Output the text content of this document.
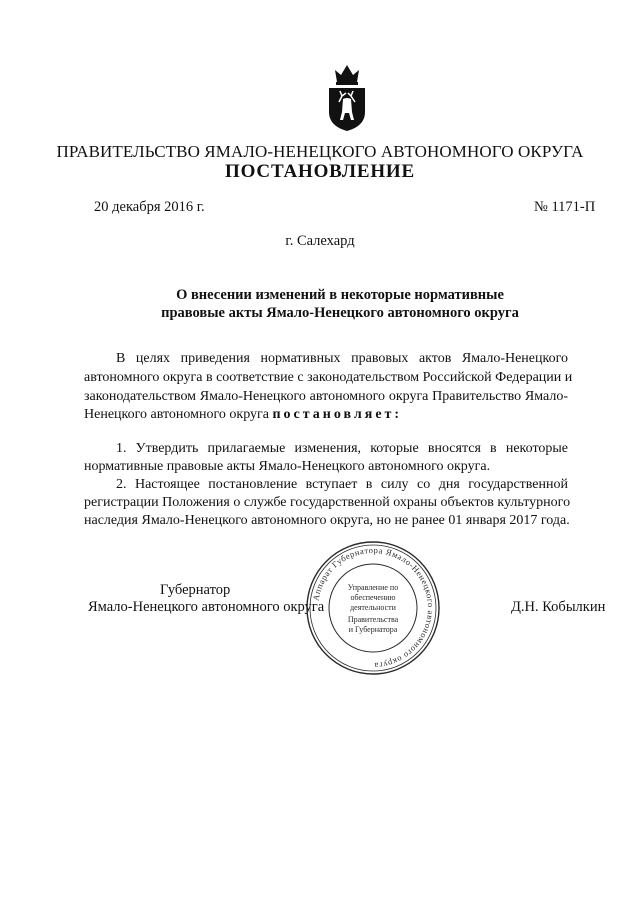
ПРАВИТЕЛЬСТВО ЯМАЛО-НЕНЕЦКОГО АВТОНОМНОГО ОКРУГА
ПОСТАНОВЛЕНИЕ
20 декабря 2016 г.	№ 1171-П
г. Салехард
О внесении изменений в некоторые нормативные
правовые акты Ямало-Ненецкого автономного округа
В целях приведения нормативных правовых актов Ямало-Ненецкого
автономного округа в соответствие с законодательством Российской Федерации и
законодательством Ямало-Ненецкого автономного округа Правительство Ямало-
Ненецкого автономного округа постановляет:
1. Утвердить прилагаемые изменения, которые вносятся в некоторые
нормативные правовые акты Ямало-Ненецкого автономного округа.
2. Настоящее постановление вступает в силу со дня государственной
регистрации Положения о службе государственной охраны объектов культурного
наследия Ямало-Ненецкого автономного округа, но не ранее 01 января 2017 года.
Губернатор
Ямало-Ненецкого автономного округа	Д.Н. Кобылкин
Аппарат Губернатора Ямало-Ненецкого автономного округа
Управление по
обеспечению
деятельности
Правительства
и Губернатора
